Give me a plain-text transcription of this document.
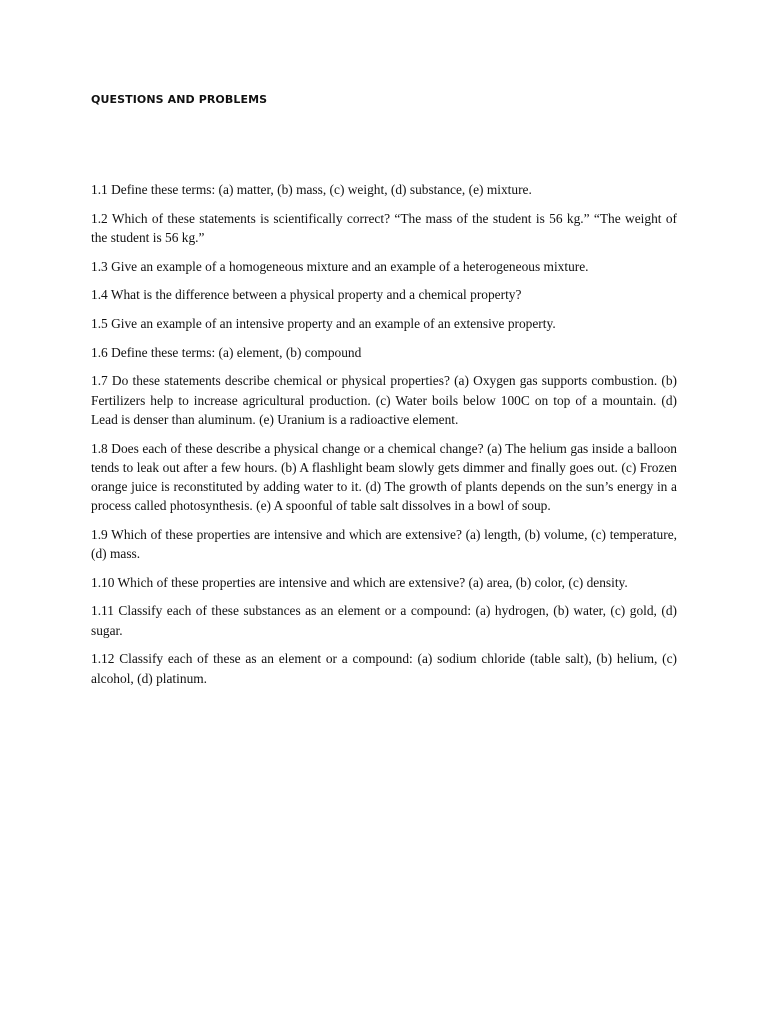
QUESTIONS AND PROBLEMS

1.1 Define these terms: (a) matter, (b) mass, (c) weight, (d) substance, (e) mixture.

1.2 Which of these statements is scientifically correct? “The mass of the student is 56 kg.” “The weight of the student is 56 kg.”

1.3 Give an example of a homogeneous mixture and an example of a heterogeneous mixture.

1.4 What is the difference between a physical property and a chemical property?

1.5 Give an example of an intensive property and an example of an extensive property.

1.6 Define these terms: (a) element, (b) compound

1.7 Do these statements describe chemical or physical properties? (a) Oxygen gas supports combustion. (b) Fertilizers help to increase agricultural production. (c) Water boils below 100C on top of a mountain. (d) Lead is denser than aluminum. (e) Uranium is a radioactive element.

1.8 Does each of these describe a physical change or a chemical change? (a) The helium gas inside a balloon tends to leak out after a few hours. (b) A flashlight beam slowly gets dimmer and finally goes out. (c) Frozen orange juice is reconstituted by adding water to it. (d) The growth of plants depends on the sun’s energy in a process called photosynthesis. (e) A spoonful of table salt dissolves in a bowl of soup.

1.9 Which of these properties are intensive and which are extensive? (a) length, (b) volume, (c) temperature, (d) mass.

1.10 Which of these properties are intensive and which are extensive? (a) area, (b) color, (c) density.

1.11 Classify each of these substances as an element or a compound: (a) hydrogen, (b) water, (c) gold, (d) sugar.

1.12 Classify each of these as an element or a compound: (a) sodium chloride (table salt), (b) helium, (c) alcohol, (d) platinum.
